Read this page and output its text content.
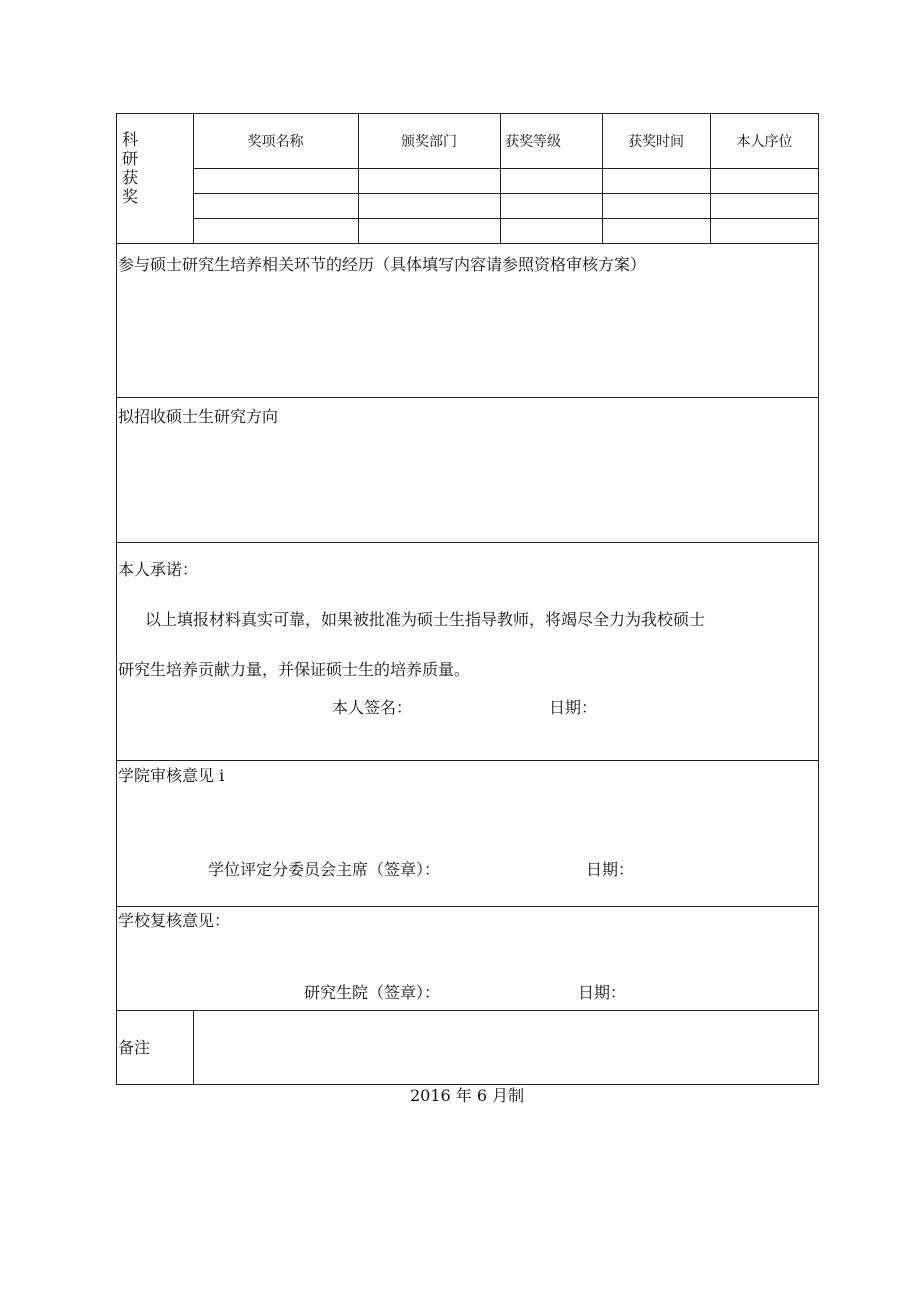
科
研
获
奖
奖项名称	颁奖部门	获奖等级	获奖时间	本人序位
参与硕士研究生培养相关环节的经历（具体填写内容请参照资格审核方案）
拟招收硕士生研究方向
本人承诺：
以上填报材料真实可靠，如果被批准为硕士生指导教师，将竭尽全力为我校硕士
研究生培养贡献力量，并保证硕士生的培养质量。
本人签名：	日期：
学院审核意见 i
学位评定分委员会主席（签章）：	日期：
学校复核意见：
研究生院（签章）：	日期：
备注
2016 年 6 月制
